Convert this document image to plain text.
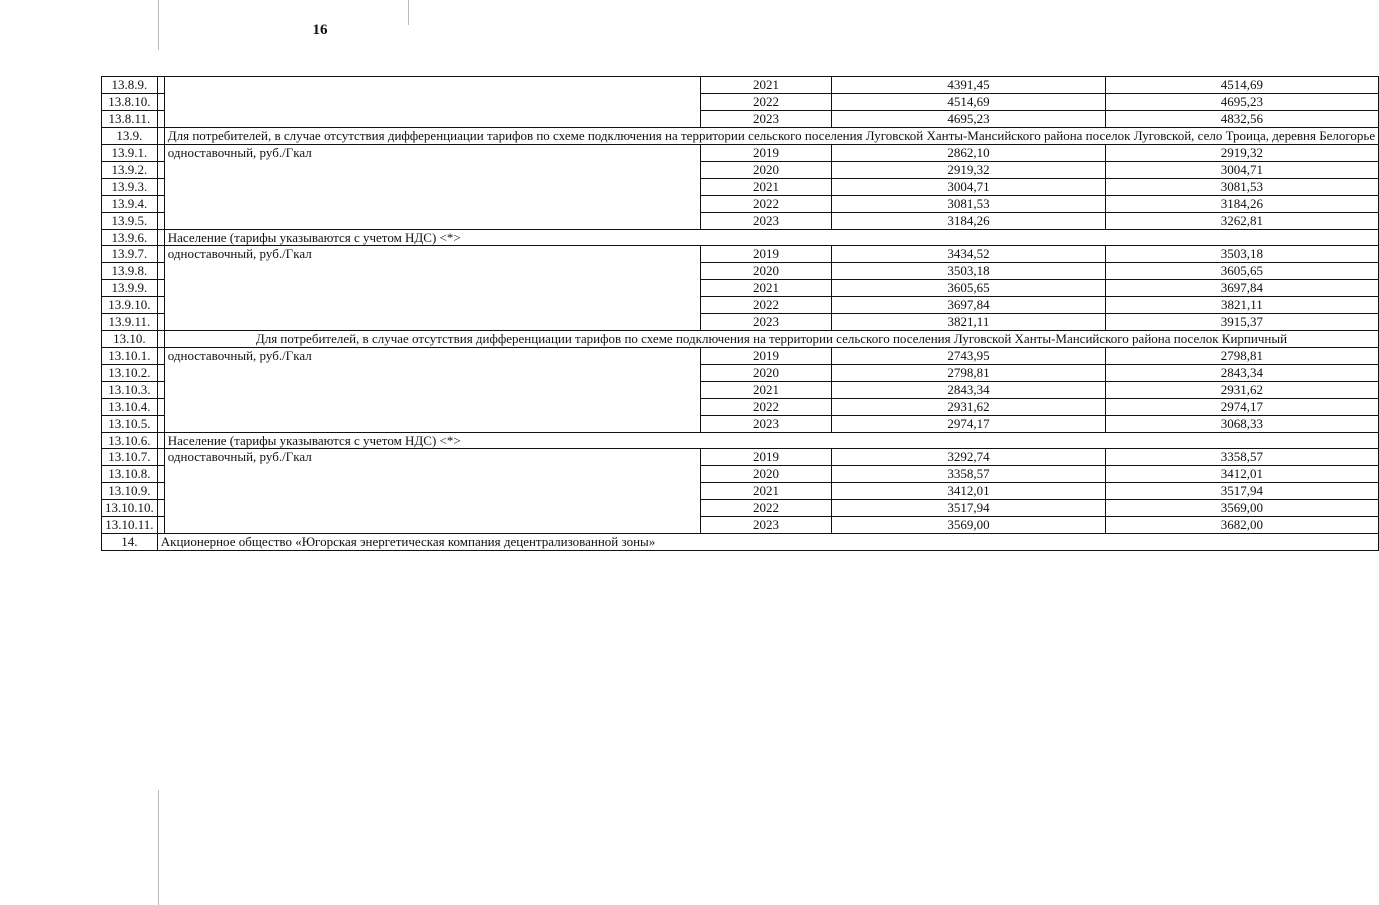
16
13.8.9.			2021	4391,45	4514,69
13.8.10.			2022	4514,69	4695,23
13.8.11.			2023	4695,23	4832,56
13.9.		Для потребителей, в случае отсутствия дифференциации тарифов по схеме подключения на территории сельского поселения Луговской Ханты-Мансийского района поселок Луговской, село Троица, деревня Белогорье			
13.9.1.		одноставочный, руб./Гкал	2019	2862,10	2919,32
13.9.2.			2020	2919,32	3004,71
13.9.3.			2021	3004,71	3081,53
13.9.4.			2022	3081,53	3184,26
13.9.5.			2023	3184,26	3262,81
13.9.6.		Население (тарифы указываются с учетом НДС) <*>			
13.9.7.		одноставочный, руб./Гкал	2019	3434,52	3503,18
13.9.8.			2020	3503,18	3605,65
13.9.9.			2021	3605,65	3697,84
13.9.10.			2022	3697,84	3821,11
13.9.11.			2023	3821,11	3915,37
13.10.		Для потребителей, в случае отсутствия дифференциации тарифов по схеме подключения на территории сельского поселения Луговской Ханты-Мансийского района поселок Кирпичный			
13.10.1.		одноставочный, руб./Гкал	2019	2743,95	2798,81
13.10.2.			2020	2798,81	2843,34
13.10.3.			2021	2843,34	2931,62
13.10.4.			2022	2931,62	2974,17
13.10.5.			2023	2974,17	3068,33
13.10.6.		Население (тарифы указываются с учетом НДС) <*>			
13.10.7.		одноставочный, руб./Гкал	2019	3292,74	3358,57
13.10.8.			2020	3358,57	3412,01
13.10.9.			2021	3412,01	3517,94
13.10.10.			2022	3517,94	3569,00
13.10.11.			2023	3569,00	3682,00
14.	Акционерное общество «Югорская энергетическая компания децентрализованной зоны»				
